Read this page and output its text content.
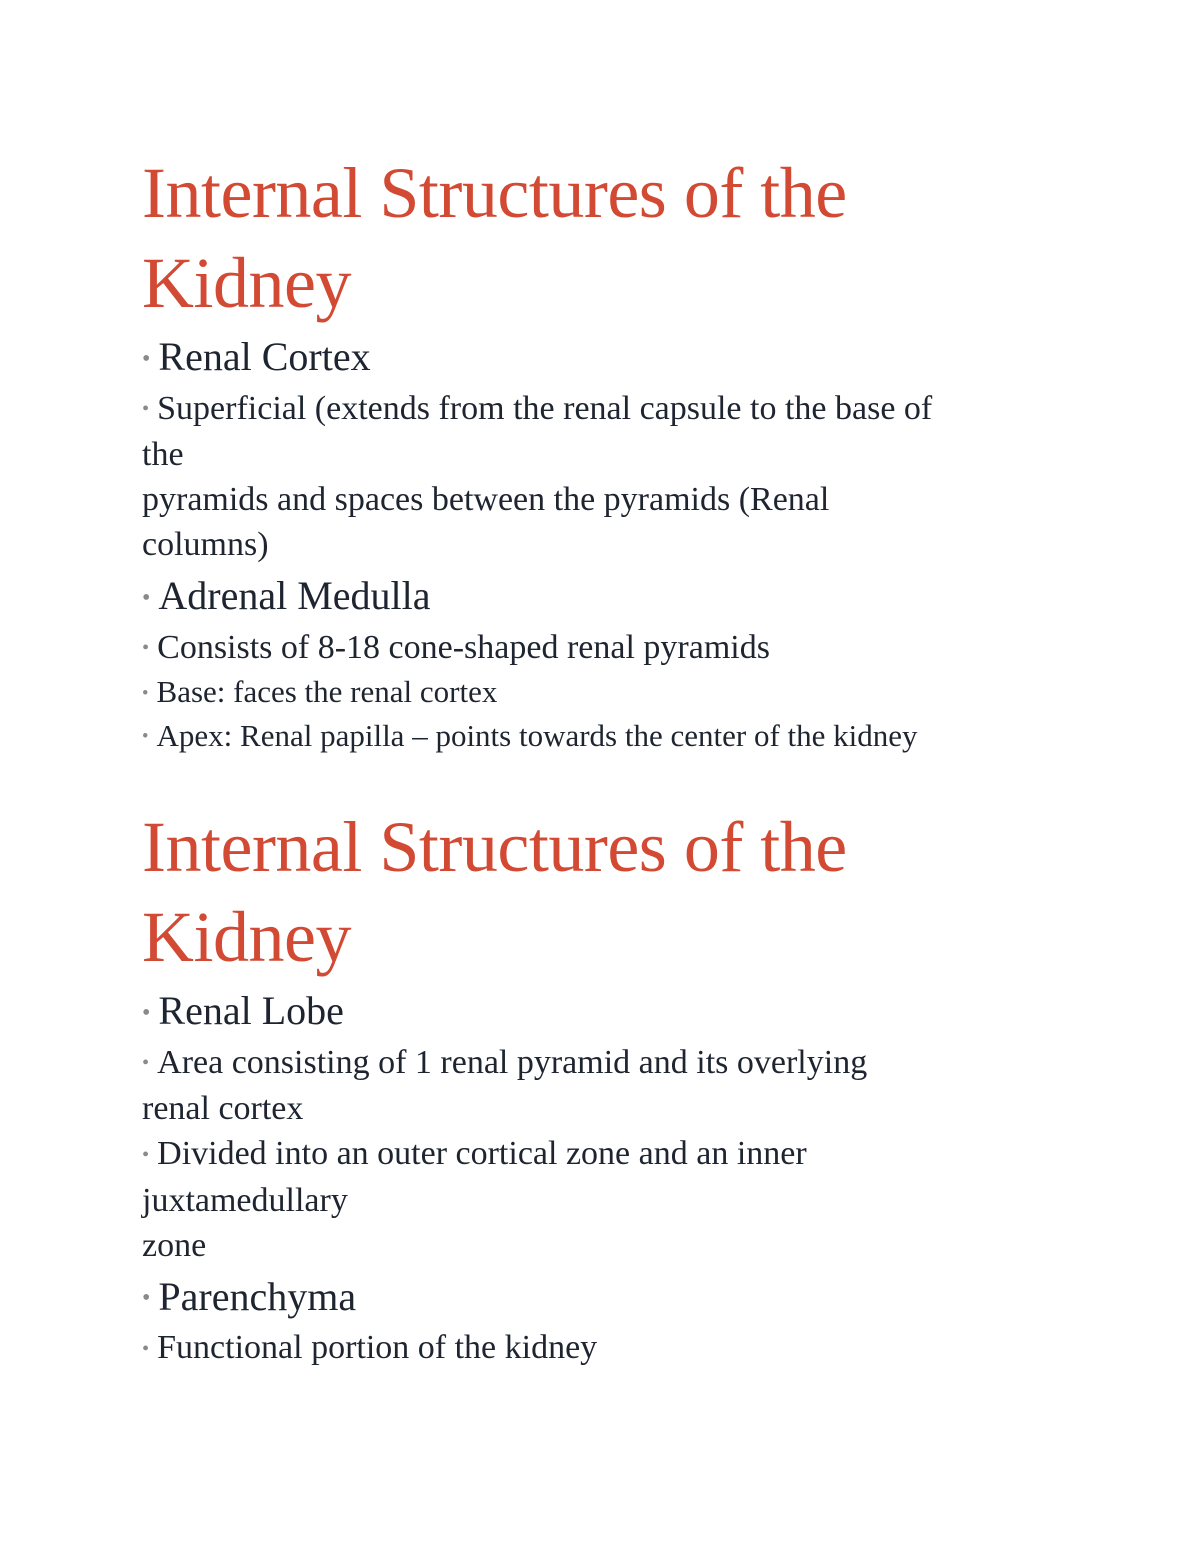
Internal Structures of the
Kidney

• Renal Cortex

• Superficial (extends from the renal capsule to the base of
the
pyramids and spaces between the pyramids (Renal
columns)

• Adrenal Medulla

• Consists of 8-18 cone-shaped renal pyramids

• Base: faces the renal cortex

• Apex: Renal papilla – points towards the center of the kidney

Internal Structures of the
Kidney

• Renal Lobe

• Area consisting of 1 renal pyramid and its overlying
renal cortex

• Divided into an outer cortical zone and an inner
juxtamedullary
zone

• Parenchyma

• Functional portion of the kidney
